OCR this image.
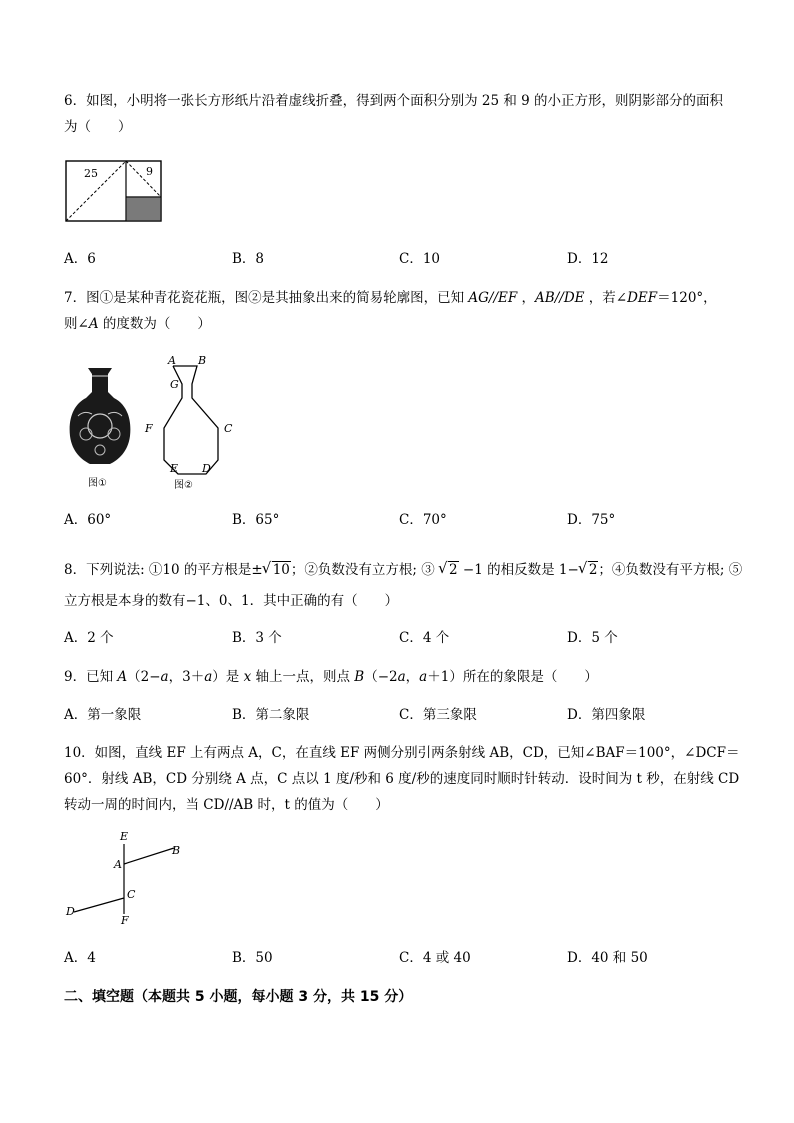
6．如图，小明将一张长方形纸片沿着虚线折叠，得到两个面积分别为 25 和 9 的小正方形，则阴影部分的面积
为（　　）
25	9
A．6	B．8	C．10	D．12
7．图①是某种青花瓷花瓶，图②是其抽象出来的简易轮廓图，已知 AG//EF ，AB//DE ，若∠DEF＝120°，
则∠A 的度数为（　　）
图①
A B
G
F	C
E D
图②
A．60°	B．65°	C．70°	D．75°
8．下列说法: ①10 的平方根是± √ 10；②负数没有立方根; ③ √ 2 −1 的相反数是 1− √ 2；④负数没有平方根; ⑤
立方根是本身的数有−1、0、1．其中正确的有（　　）
A．2 个	B．3 个	C．4 个	D．5 个
9．已知 A（2−a，3＋a）是 x 轴上一点，则点 B（−2a，a＋1）所在的象限是（　　）
A．第一象限	B．第二象限	C．第三象限	D．第四象限
10．如图，直线 EF 上有两点 A，C，在直线 EF 两侧分别引两条射线 AB，CD，已知∠BAF＝100°，∠DCF＝
60°．射线 AB，CD 分别绕 A 点，C 点以 1 度/秒和 6 度/秒的速度同时顺时针转动．设时间为 t 秒，在射线 CD
转动一周的时间内，当 CD//AB 时，t 的值为（　　）
E
A
B
C
D
F
A．4	B．50	C．4 或 40	D．40 和 50
二、填空题（本题共 5 小题，每小题 3 分，共 15 分）
